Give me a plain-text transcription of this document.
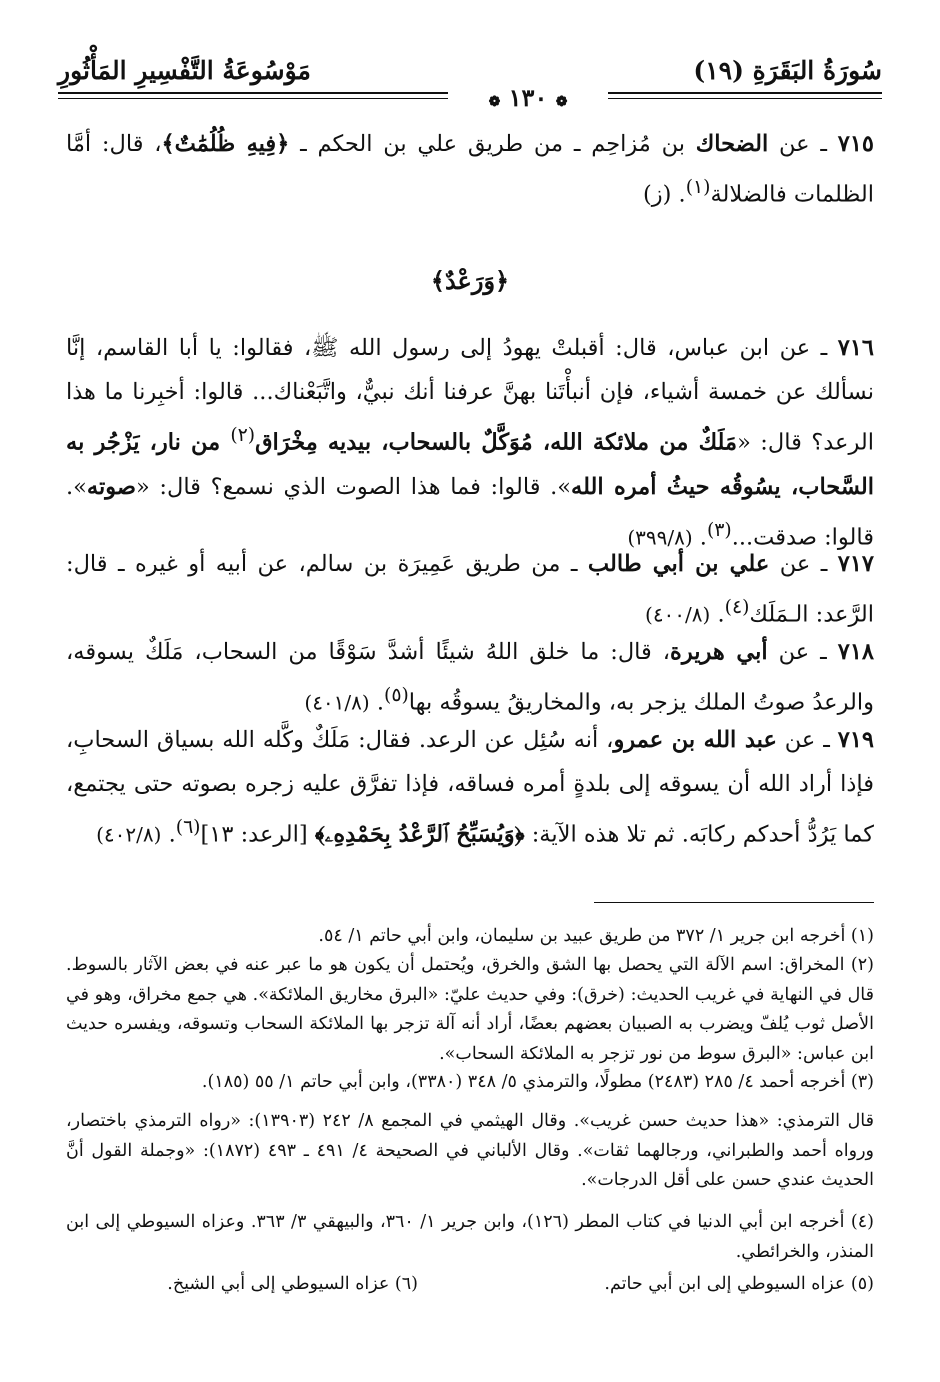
سُورَةُ البَقَرَةِ (١٩)
مَوْسُوعَةُ التَّفْسِيرِ المَأْثُورِ
❁ ١٣٠ ❁
٧١٥ ـ عن الضحاك بن مُزاحِم ـ من طريق علي بن الحكم ـ ﴿فِيهِ ظُلُمَٰتٌ﴾، قال: أمَّا الظلمات فالضلالة$^{(١)}$. (ز)
﴿وَرَعْدٌ﴾
٧١٦ ـ عن ابن عباس، قال: أقبلتْ يهودُ إلى رسول الله ﷺ، فقالوا: يا أبا القاسم، إنَّا نسألك عن خمسة أشياء، فإن أنبأْتَنا بهنَّ عرفنا أنك نبيٌّ، واتَّبَعْناك... قالوا: أخبِرنا ما هذا الرعد؟ قال: «مَلَكٌ من ملائكة الله، مُوَكَّلٌ بالسحاب، بيديه مِخْرَاق$^{(٢)}$ من نار، يَزْجُر به السَّحاب، يسُوقُه حيثُ أمره الله». قالوا: فما هذا الصوت الذي نسمع؟ قال: «صوته». قالوا: صدقت...$^{(٣)}$. (٣٩٩/٨)
٧١٧ ـ عن علي بن أبي طالب ـ من طريق عَمِيرَة بن سالم، عن أبيه أو غيره ـ قال: الرَّعد: الـمَلَك$^{(٤)}$. (٤٠٠/٨)
٧١٨ ـ عن أبي هريرة، قال: ما خلق اللهُ شيئًا أشدَّ سَوْقًا من السحاب، مَلَكٌ يسوقه، والرعدُ صوتُ الملك يزجر به، والمخاريقُ يسوقُه بها$^{(٥)}$. (٤٠١/٨)
٧١٩ ـ عن عبد الله بن عمرو، أنه سُئِل عن الرعد. فقال: مَلَكٌ وكَّله الله بسياق السحابِ، فإذا أراد الله أن يسوقه إلى بلدةٍ أمره فساقه، فإذا تفرَّق عليه زجره بصوته حتى يجتمع، كما يَرُدُّ أحدكم ركابَه. ثم تلا هذه الآية: ﴿وَيُسَبِّحُ ٱلرَّعْدُ بِحَمْدِهِۦ﴾ [الرعد: ١٣]$^{(٦)}$. (٤٠٢/٨)
(١) أخرجه ابن جرير ١/ ٣٧٢ من طريق عبيد بن سليمان، وابن أبي حاتم ١/ ٥٤.
(٢) المخراق: اسم الآلة التي يحصل بها الشق والخرق، ويُحتمل أن يكون هو ما عبر عنه في بعض الآثار بالسوط. قال في النهاية في غريب الحديث: (خرق): وفي حديث عليّ: «البرق مخاريق الملائكة». هي جمع مخراق، وهو في الأصل ثوب يُلفّ ويضرب به الصبيان بعضهم بعضًا، أراد أنه آلة تزجر بها الملائكة السحاب وتسوقه، ويفسره حديث ابن عباس: «البرق سوط من نور تزجر به الملائكة السحاب».
(٣) أخرجه أحمد ٤/ ٢٨٥ (٢٤٨٣) مطولًا، والترمذي ٥/ ٣٤٨ (٣٣٨٠)، وابن أبي حاتم ١/ ٥٥ (١٨٥).
قال الترمذي: «هذا حديث حسن غريب». وقال الهيثمي في المجمع ٨/ ٢٤٢ (١٣٩٠٣): «رواه الترمذي باختصار، ورواه أحمد والطبراني، ورجالهما ثقات». وقال الألباني في الصحيحة ٤/ ٤٩١ ـ ٤٩٣ (١٨٧٢): «وجملة القول أنَّ الحديث عندي حسن على أقل الدرجات».
(٤) أخرجه ابن أبي الدنيا في كتاب المطر (١٢٦)، وابن جرير ١/ ٣٦٠، والبيهقي ٣/ ٣٦٣. وعزاه السيوطي إلى ابن المنذر، والخرائطي.
(٥) عزاه السيوطي إلى ابن أبي حاتم.
(٦) عزاه السيوطي إلى أبي الشيخ.
